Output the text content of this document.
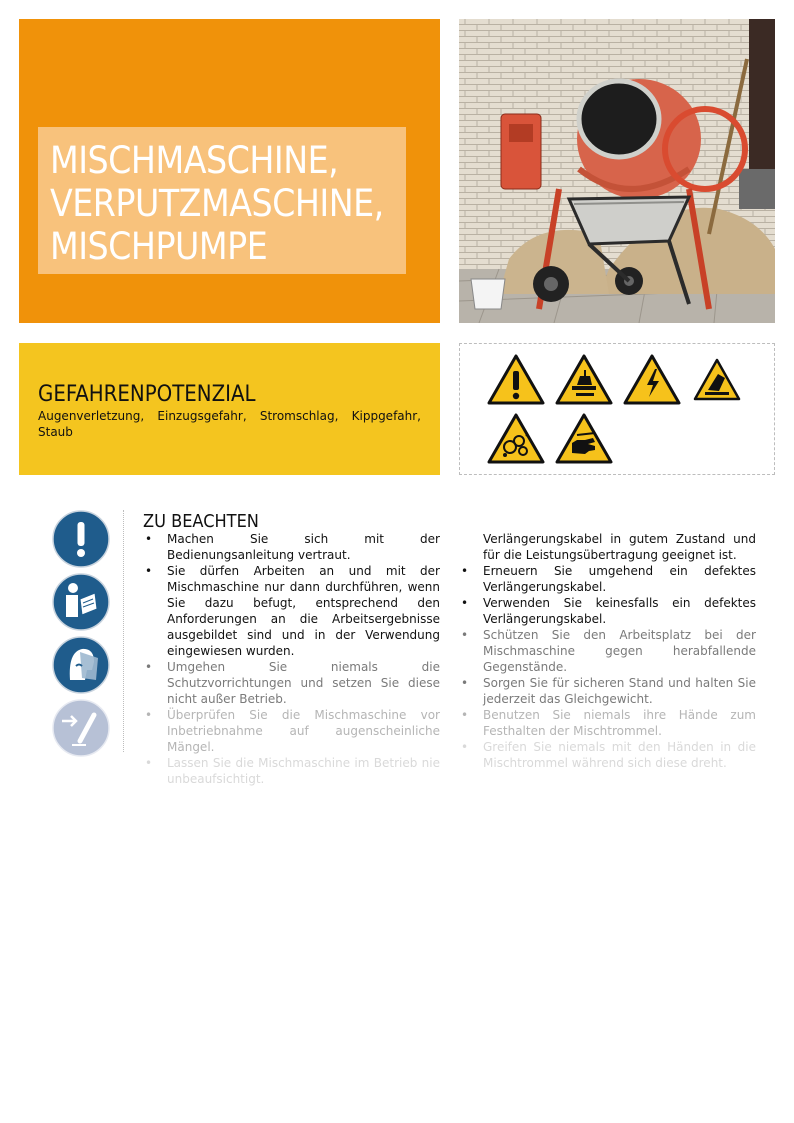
MISCHMASCHINE,
VERPUTZMASCHINE,
MISCHPUMPE
GEFAHRENPOTENZIAL
Augenverletzung, Einzugsgefahr, Stromschlag, Kippgefahr, Staub
ZU BEACHTEN
• Machen Sie sich mit der Bedienungsanleitung vertraut.
• Sie dürfen Arbeiten an und mit der Mischmaschine nur dann durchführen, wenn Sie dazu befugt, entsprechend den Anforderungen an die Arbeitsergebnisse ausgebildet sind und in der Verwendung eingewiesen wurden.
• Umgehen Sie niemals die Schutzvorrichtungen und setzen Sie diese nicht außer Betrieb.
• Überprüfen Sie die Mischmaschine vor Inbetriebnahme auf augenscheinliche Mängel.
• Lassen Sie die Mischmaschine im Betrieb nie unbeaufsichtigt.
Verlängerungskabel in gutem Zustand und für die Leistungsübertragung geeignet ist.
• Erneuern Sie umgehend ein defektes Verlängerungskabel.
• Verwenden Sie keinesfalls ein defektes Verlängerungskabel.
• Schützen Sie den Arbeitsplatz bei der Mischmaschine gegen herabfallende Gegenstände.
• Sorgen Sie für sicheren Stand und halten Sie jederzeit das Gleichgewicht.
• Benutzen Sie niemals ihre Hände zum Festhalten der Mischtrommel.
• Greifen Sie niemals mit den Händen in die Mischtrommel während sich diese dreht.
